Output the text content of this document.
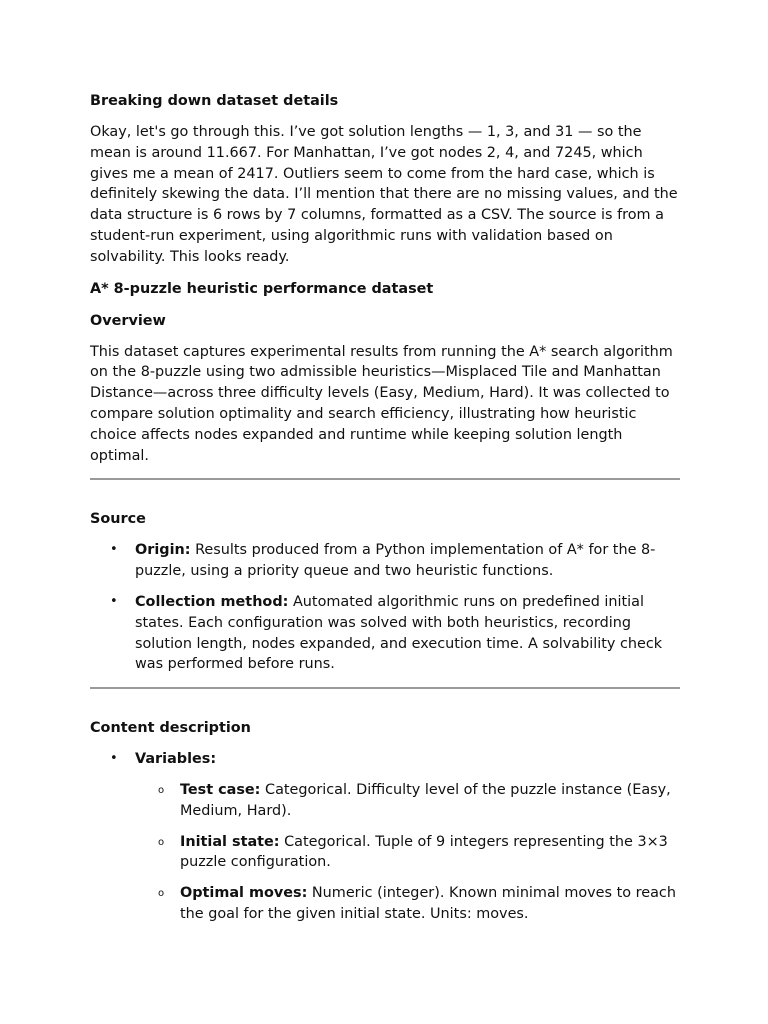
Breaking down dataset details

Okay, let's go through this. I’ve got solution lengths — 1, 3, and 31 — so the mean is around 11.667. For Manhattan, I’ve got nodes 2, 4, and 7245, which gives me a mean of 2417. Outliers seem to come from the hard case, which is definitely skewing the data. I’ll mention that there are no missing values, and the data structure is 6 rows by 7 columns, formatted as a CSV. The source is from a student-run experiment, using algorithmic runs with validation based on solvability. This looks ready.

A* 8-puzzle heuristic performance dataset
Overview

This dataset captures experimental results from running the A* search algorithm on the 8-puzzle using two admissible heuristics—Misplaced Tile and Manhattan Distance—across three difficulty levels (Easy, Medium, Hard). It was collected to compare solution optimality and search efficiency, illustrating how heuristic choice affects nodes expanded and runtime while keeping solution length optimal.

Source
• Origin: Results produced from a Python implementation of A* for the 8-puzzle, using a priority queue and two heuristic functions.
• Collection method: Automated algorithmic runs on predefined initial states. Each configuration was solved with both heuristics, recording solution length, nodes expanded, and execution time. A solvability check was performed before runs.
Content description
• Variables:
o Test case: Categorical. Difficulty level of the puzzle instance (Easy, Medium, Hard).
o Initial state: Categorical. Tuple of 9 integers representing the 3×3 puzzle configuration.
o Optimal moves: Numeric (integer). Known minimal moves to reach the goal for the given initial state. Units: moves.
